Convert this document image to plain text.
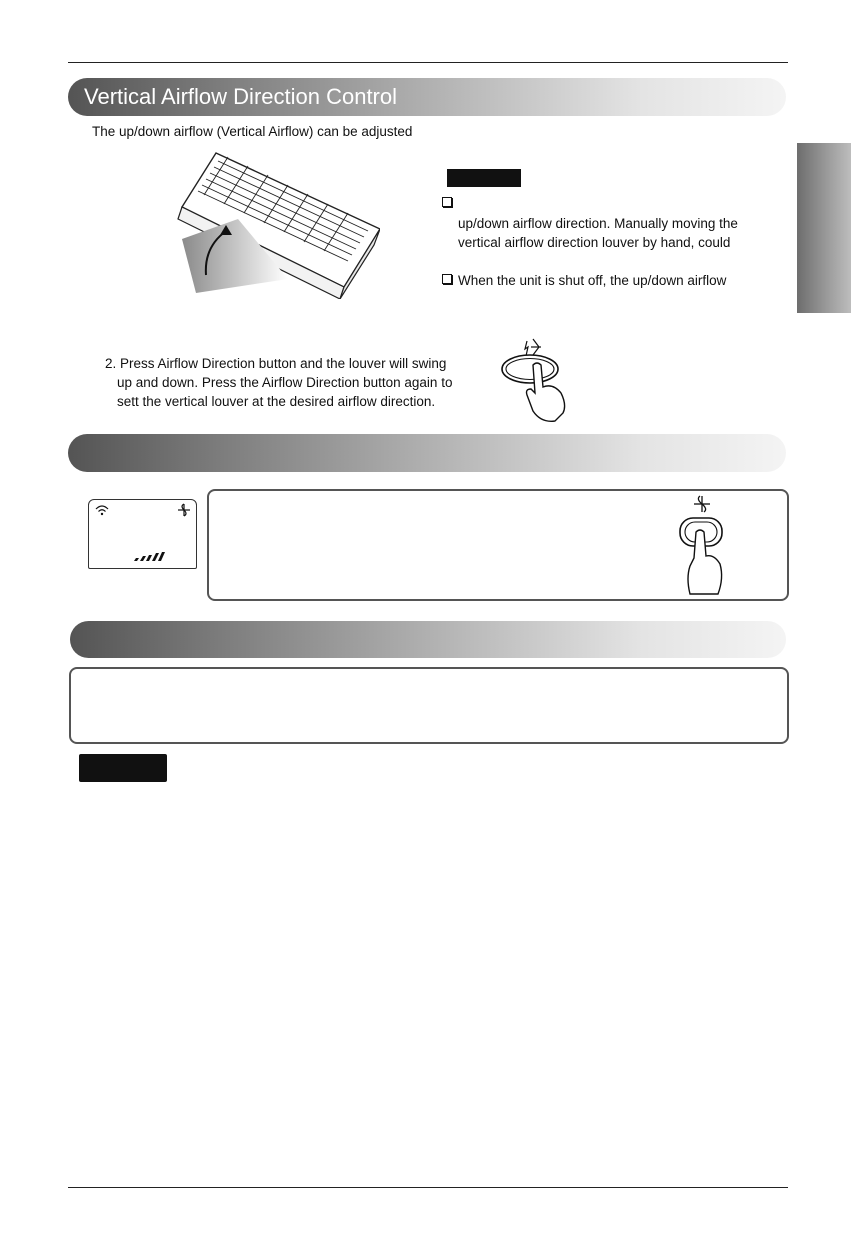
Vertical Airflow Direction Control
The up/down airflow (Vertical Airflow) can be adjusted
up/down airflow direction. Manually moving the
vertical airflow direction louver by hand, could
When the unit is shut off, the up/down airflow
2. Press Airflow Direction button and the louver will swing
up and down. Press the Airflow Direction button again to
sett the vertical louver at the desired airflow direction.
